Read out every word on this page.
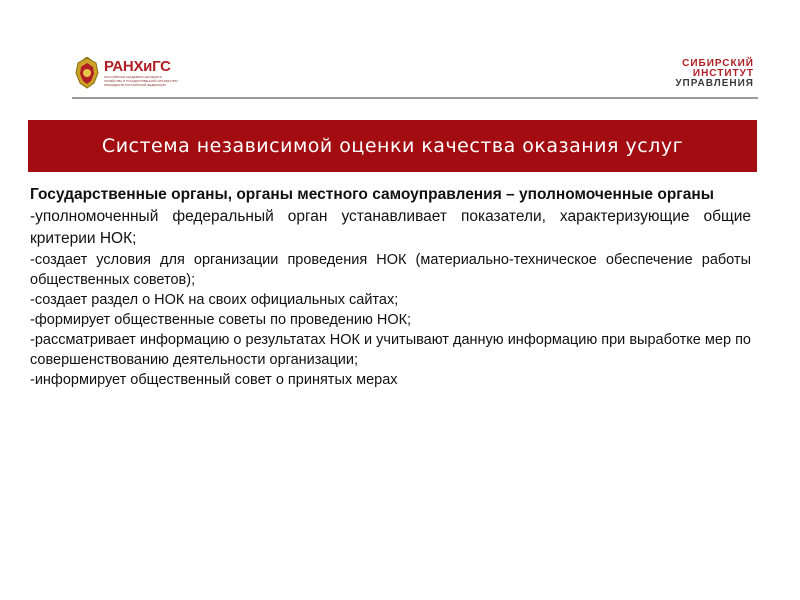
РАНХиГС
РОССИЙСКАЯ АКАДЕМИЯ НАРОДНОГО ХОЗЯЙСТВА И ГОСУДАРСТВЕННОЙ СЛУЖБЫ ПРИ ПРЕЗИДЕНТЕ РОССИЙСКОЙ ФЕДЕРАЦИИ
СИБИРСКИЙ
ИНСТИТУТ
УПРАВЛЕНИЯ
Система независимой оценки качества оказания услуг

Государственные органы, органы местного самоуправления – уполномоченные органы

-уполномоченный федеральный орган устанавливает показатели, характеризующие общие критерии НОК;

-создает условия для организации проведения НОК (материально-техническое обеспечение работы общественных советов);

-создает раздел о НОК на своих официальных сайтах;

-формирует общественные советы по проведению НОК;

-рассматривает информацию о результатах НОК и учитывают данную информацию при выработке мер по совершенствованию деятельности организации;

-информирует общественный совет о принятых мерах
